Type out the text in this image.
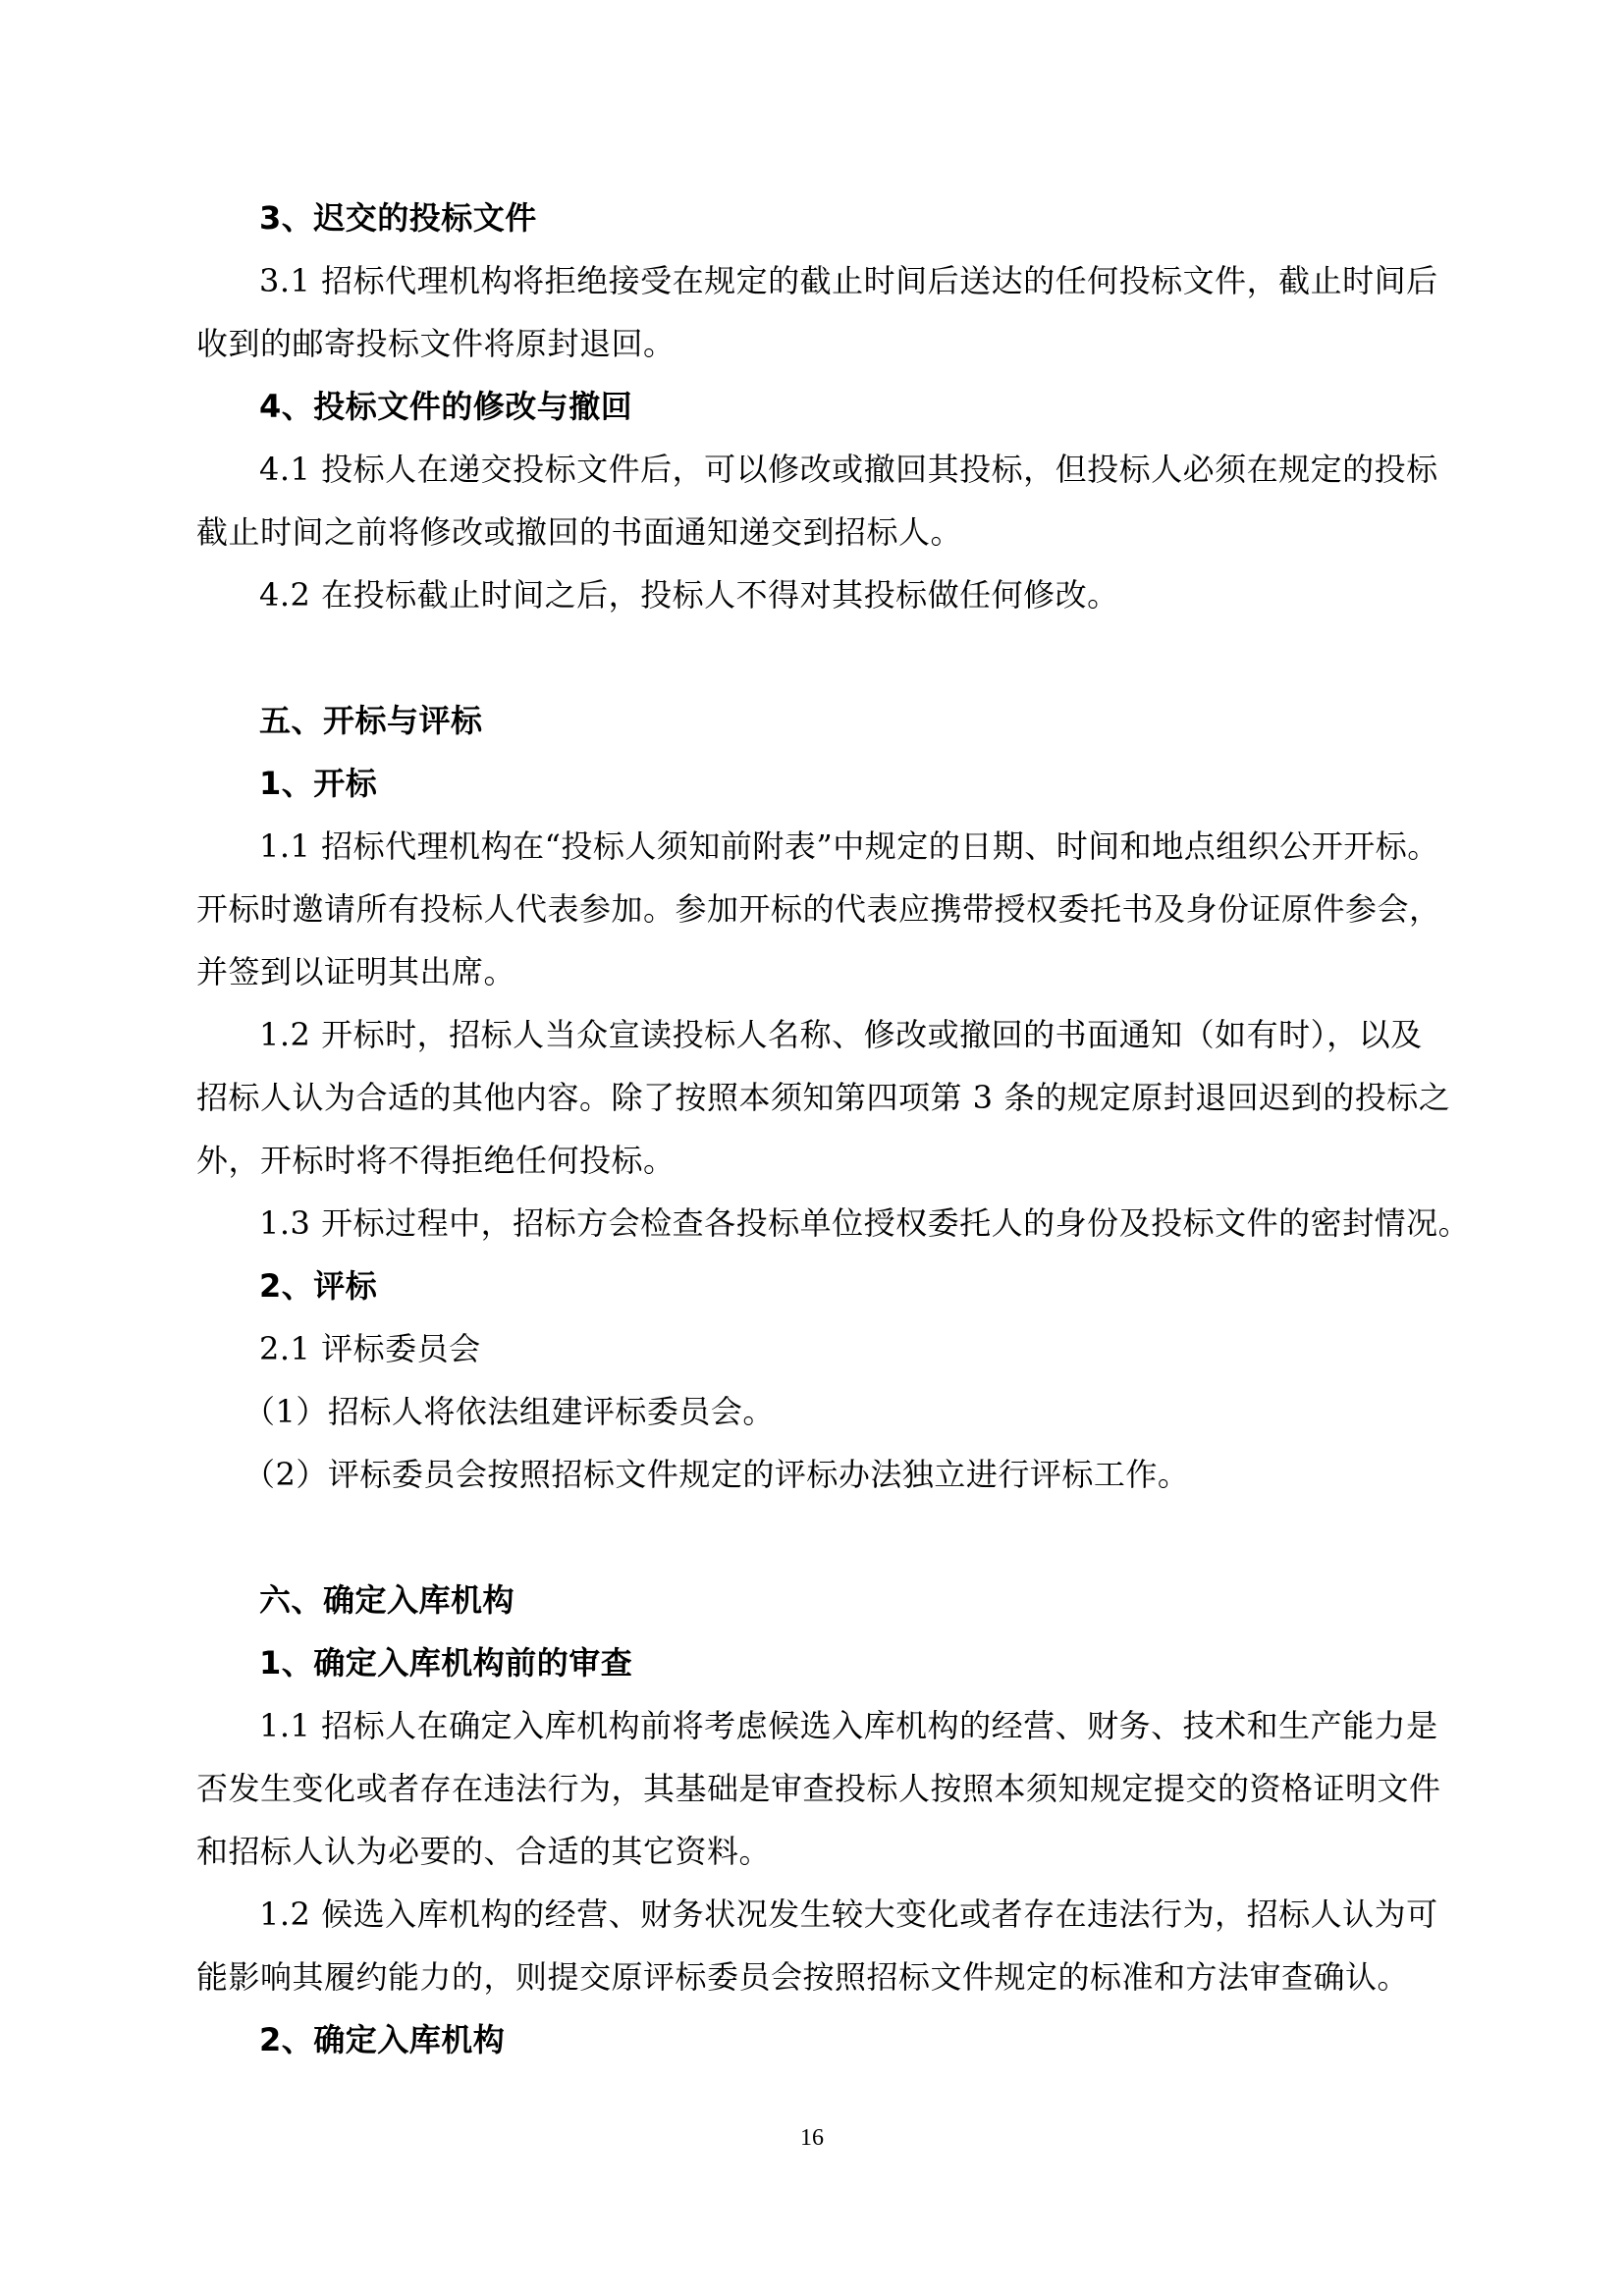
3、迟交的投标文件
3.1 招标代理机构将拒绝接受在规定的截止时间后送达的任何投标文件，截止时间后
收到的邮寄投标文件将原封退回。
4、投标文件的修改与撤回
4.1 投标人在递交投标文件后，可以修改或撤回其投标，但投标人必须在规定的投标
截止时间之前将修改或撤回的书面通知递交到招标人。
4.2 在投标截止时间之后，投标人不得对其投标做任何修改。
五、开标与评标
1、开标
1.1 招标代理机构在“投标人须知前附表”中规定的日期、时间和地点组织公开开标。
开标时邀请所有投标人代表参加。参加开标的代表应携带授权委托书及身份证原件参会，
并签到以证明其出席。
1.2 开标时，招标人当众宣读投标人名称、修改或撤回的书面通知（如有时），以及
招标人认为合适的其他内容。除了按照本须知第四项第 3 条的规定原封退回迟到的投标之
外，开标时将不得拒绝任何投标。
1.3 开标过程中，招标方会检查各投标单位授权委托人的身份及投标文件的密封情况。
2、评标
2.1 评标委员会
（1）招标人将依法组建评标委员会。
（2）评标委员会按照招标文件规定的评标办法独立进行评标工作。
六、确定入库机构
1、确定入库机构前的审查
1.1 招标人在确定入库机构前将考虑候选入库机构的经营、财务、技术和生产能力是
否发生变化或者存在违法行为，其基础是审查投标人按照本须知规定提交的资格证明文件
和招标人认为必要的、合适的其它资料。
1.2 候选入库机构的经营、财务状况发生较大变化或者存在违法行为，招标人认为可
能影响其履约能力的，则提交原评标委员会按照招标文件规定的标准和方法审查确认。
2、确定入库机构
16
